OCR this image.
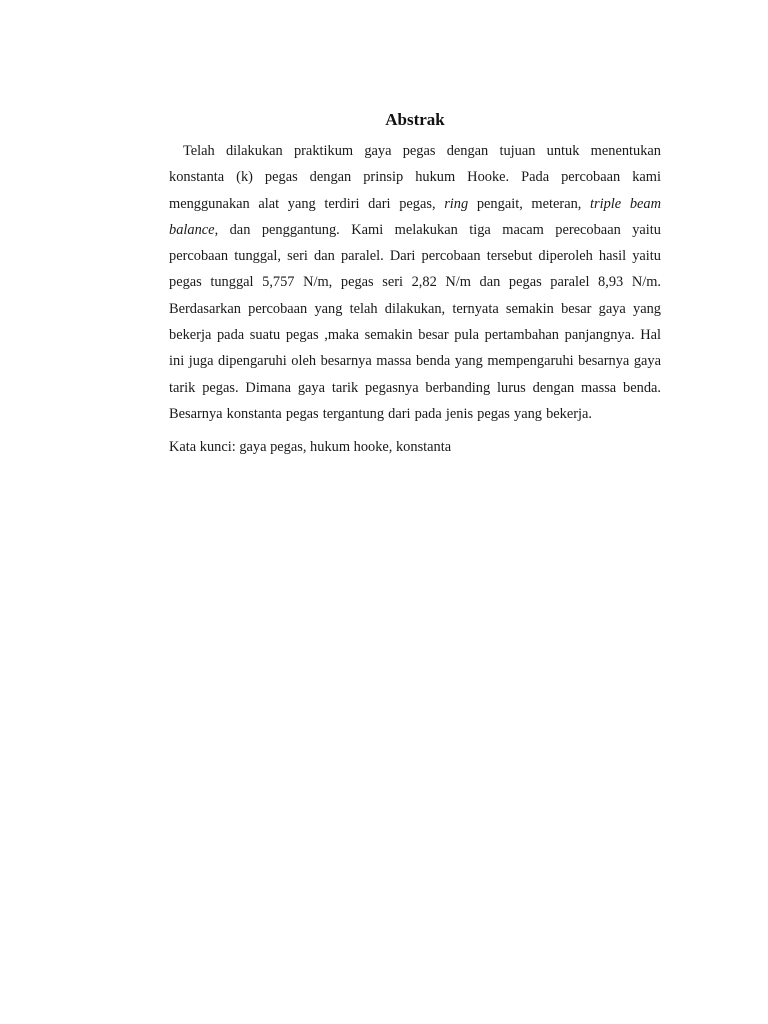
Abstrak

Telah dilakukan praktikum gaya pegas dengan tujuan untuk menentukan konstanta (k) pegas dengan prinsip hukum Hooke. Pada percobaan kami menggunakan alat yang terdiri dari pegas, ring pengait, meteran, triple beam balance, dan penggantung. Kami melakukan tiga macam perecobaan yaitu percobaan tunggal, seri dan paralel. Dari percobaan tersebut diperoleh hasil yaitu pegas tunggal 5,757 N/m, pegas seri 2,82 N/m dan pegas paralel 8,93 N/m. Berdasarkan percobaan yang telah dilakukan, ternyata semakin besar gaya yang bekerja pada suatu pegas ,maka semakin besar pula pertambahan panjangnya. Hal ini juga dipengaruhi oleh besarnya massa benda yang mempengaruhi besarnya gaya tarik pegas. Dimana gaya tarik pegasnya berbanding lurus dengan massa benda. Besarnya konstanta pegas tergantung dari pada jenis pegas yang bekerja.

Kata kunci: gaya pegas, hukum hooke, konstanta
